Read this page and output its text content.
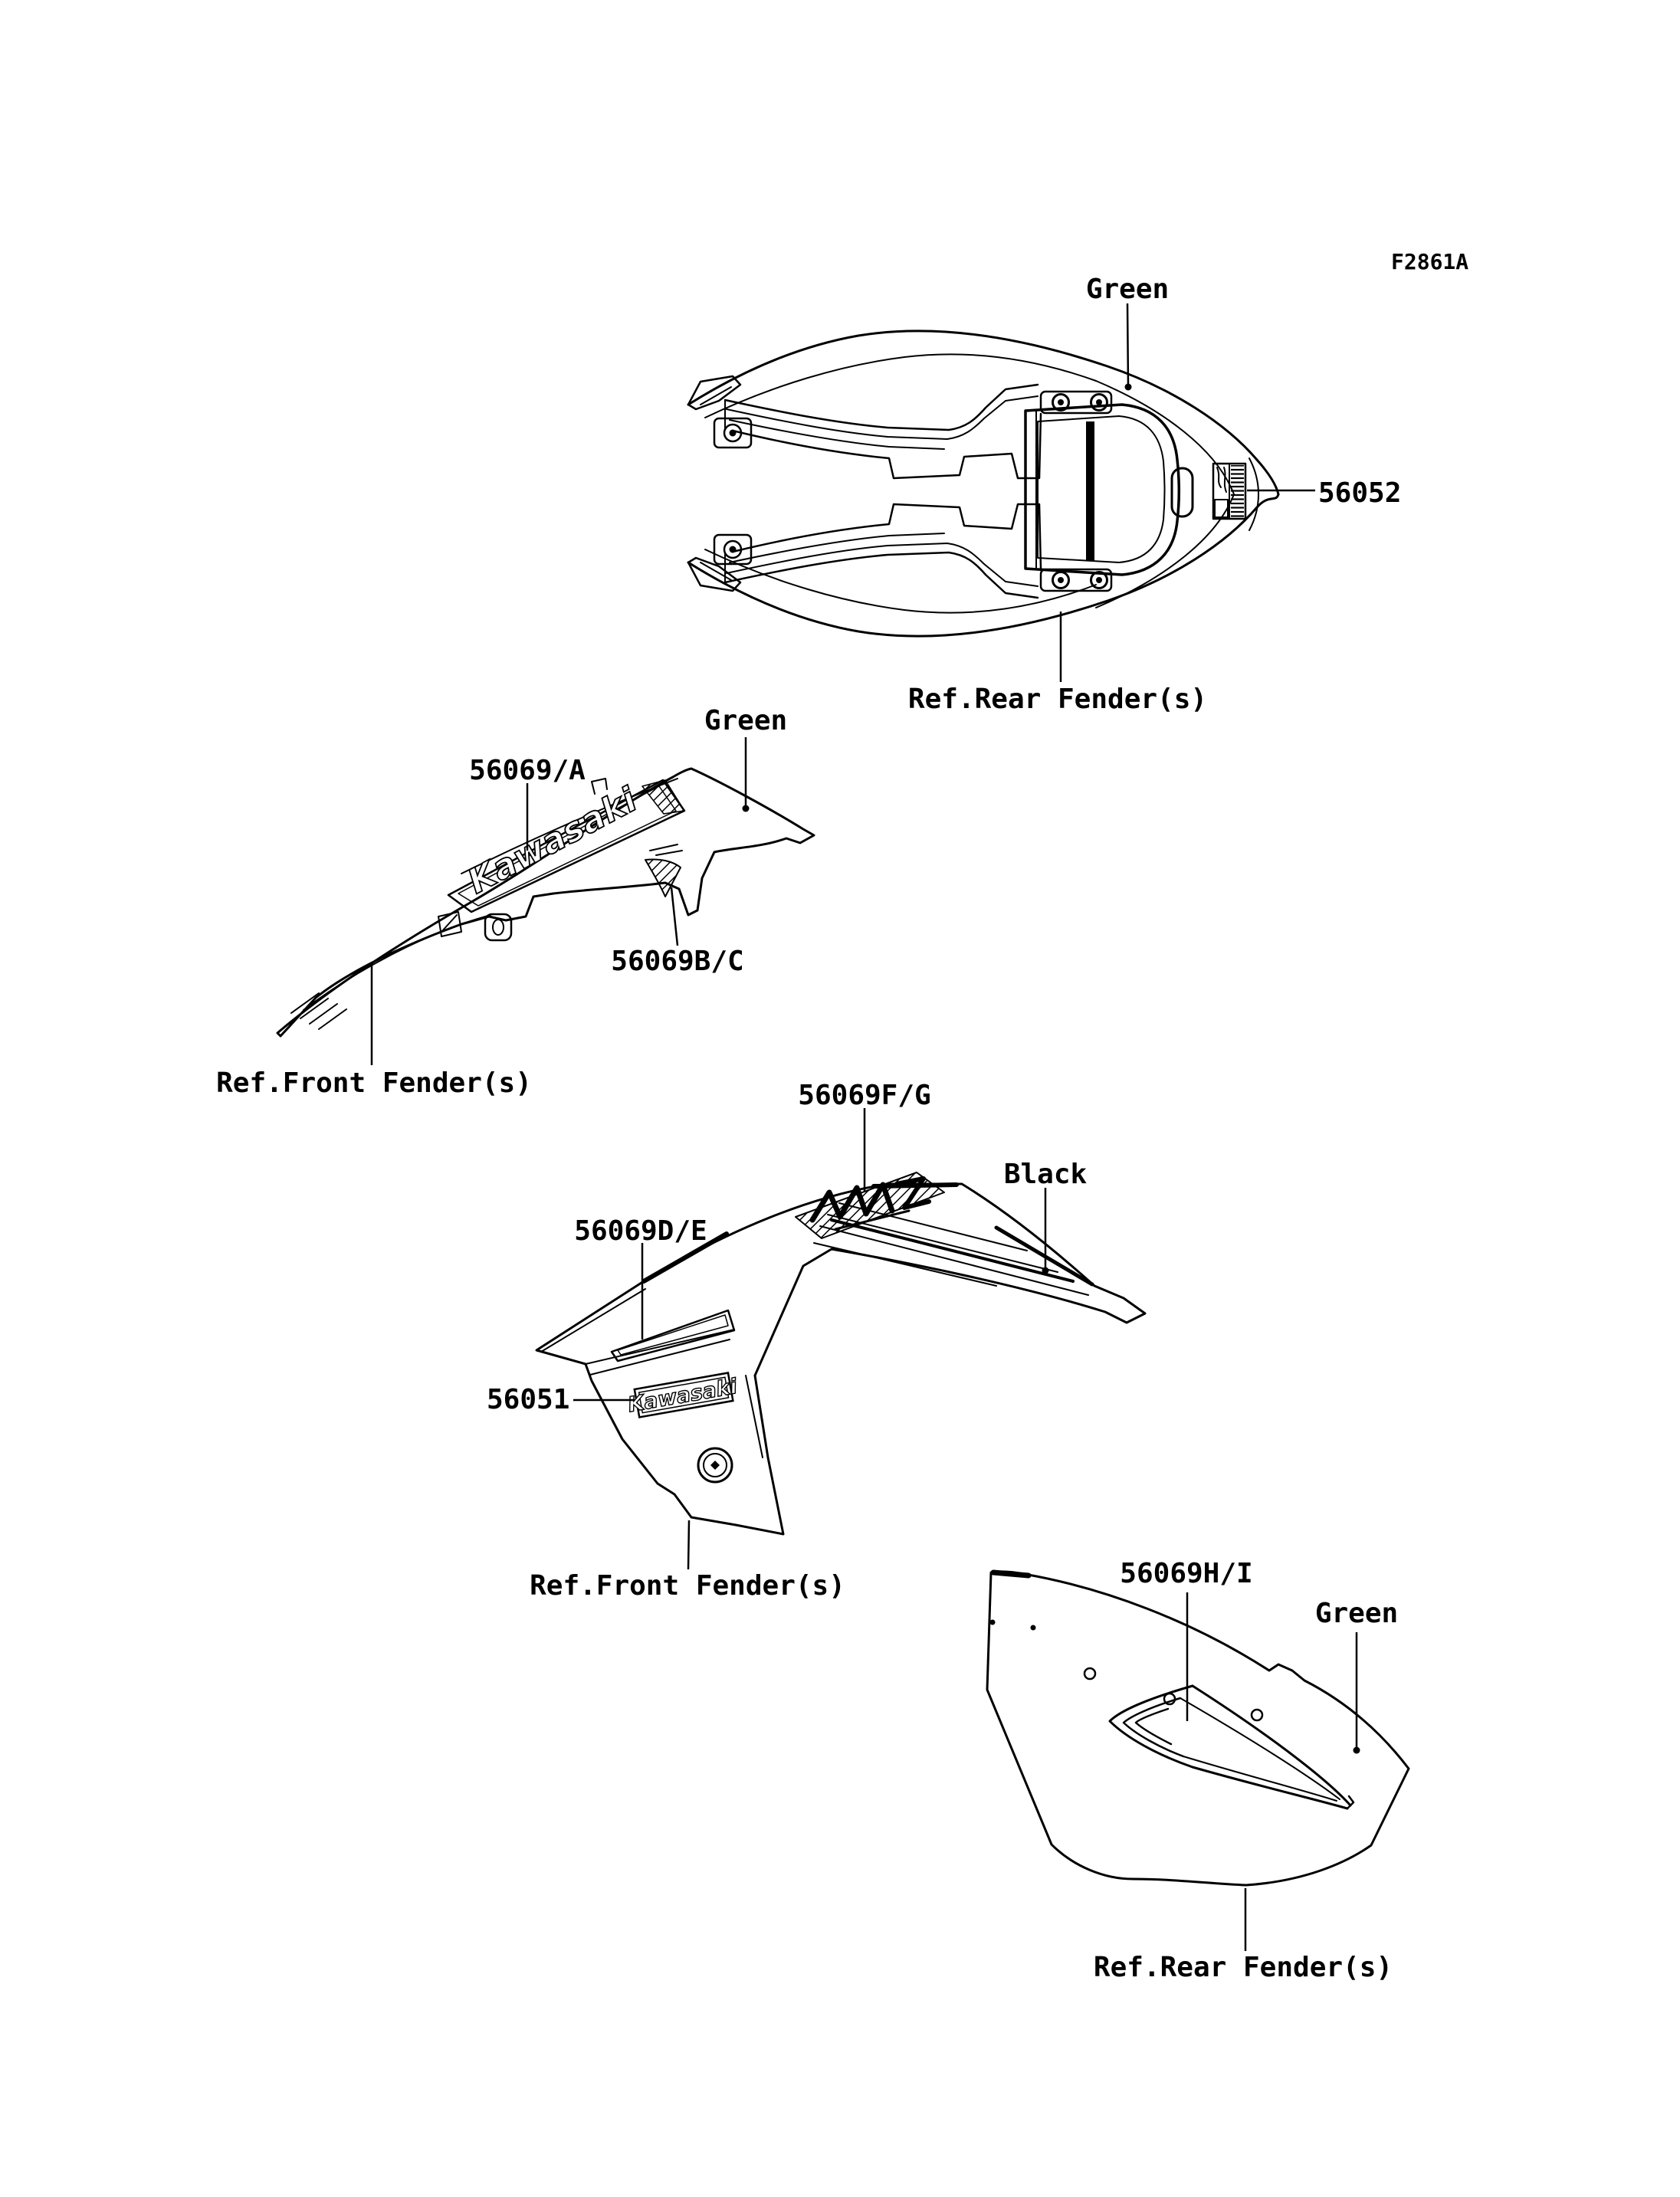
Kawasaki
Kawasaki
F2861A
Green
56052
Ref.Rear Fender(s)
56069/A
Green
56069B/C
Ref.Front Fender(s)	56069F/G
Black
56069D/E
56051
Ref.Front Fender(s)	56069H/I
Green
Ref.Rear Fender(s)
